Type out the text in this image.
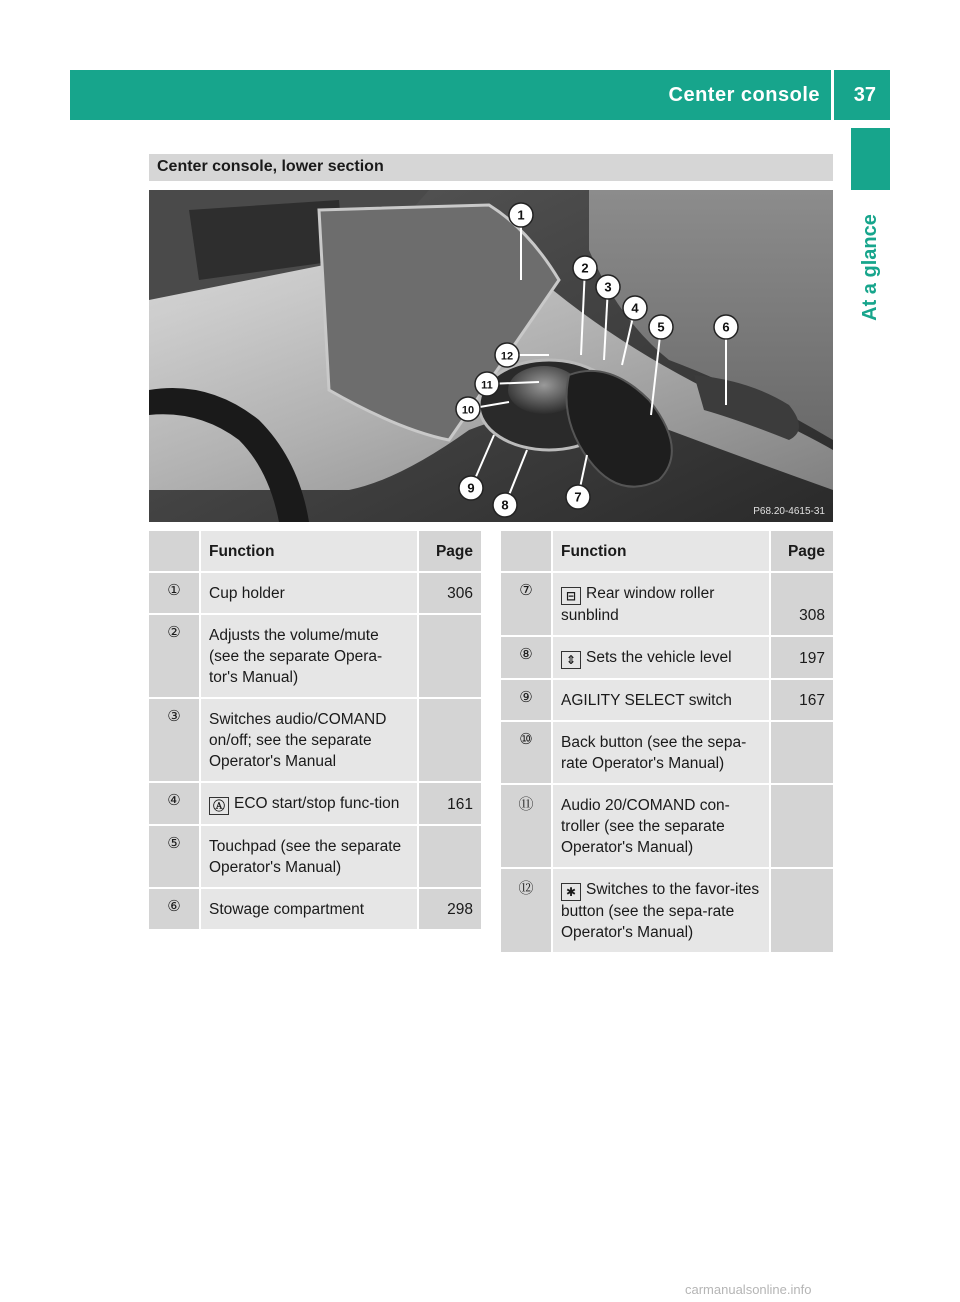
Center console 37
At a glance
Center console, lower section
1
2
3
4
5	6
7
8
9
10
11
12
P68.20-4615-31
Function	Page
①	Cup holder	306
②	Adjusts the volume/mute (see the separate Opera-tor's Manual)
③	Switches audio/COMAND on/off; see the separate Operator's Manual
④	Ⓐ ECO start/stop func-tion	161
⑤	Touchpad (see the separate Operator's Manual)
⑥	Stowage compartment	298
Function	Page
⑦	⊟ Rear window roller sunblind	308
⑧	⇕ Sets the vehicle level	197
⑨	AGILITY SELECT switch	167
⑩	Back button (see the sepa-rate Operator's Manual)
⑪	Audio 20/COMAND con-troller (see the separate Operator's Manual)
⑫	✱ Switches to the favor-ites button (see the sepa-rate Operator's Manual)
carmanualsonline.info
